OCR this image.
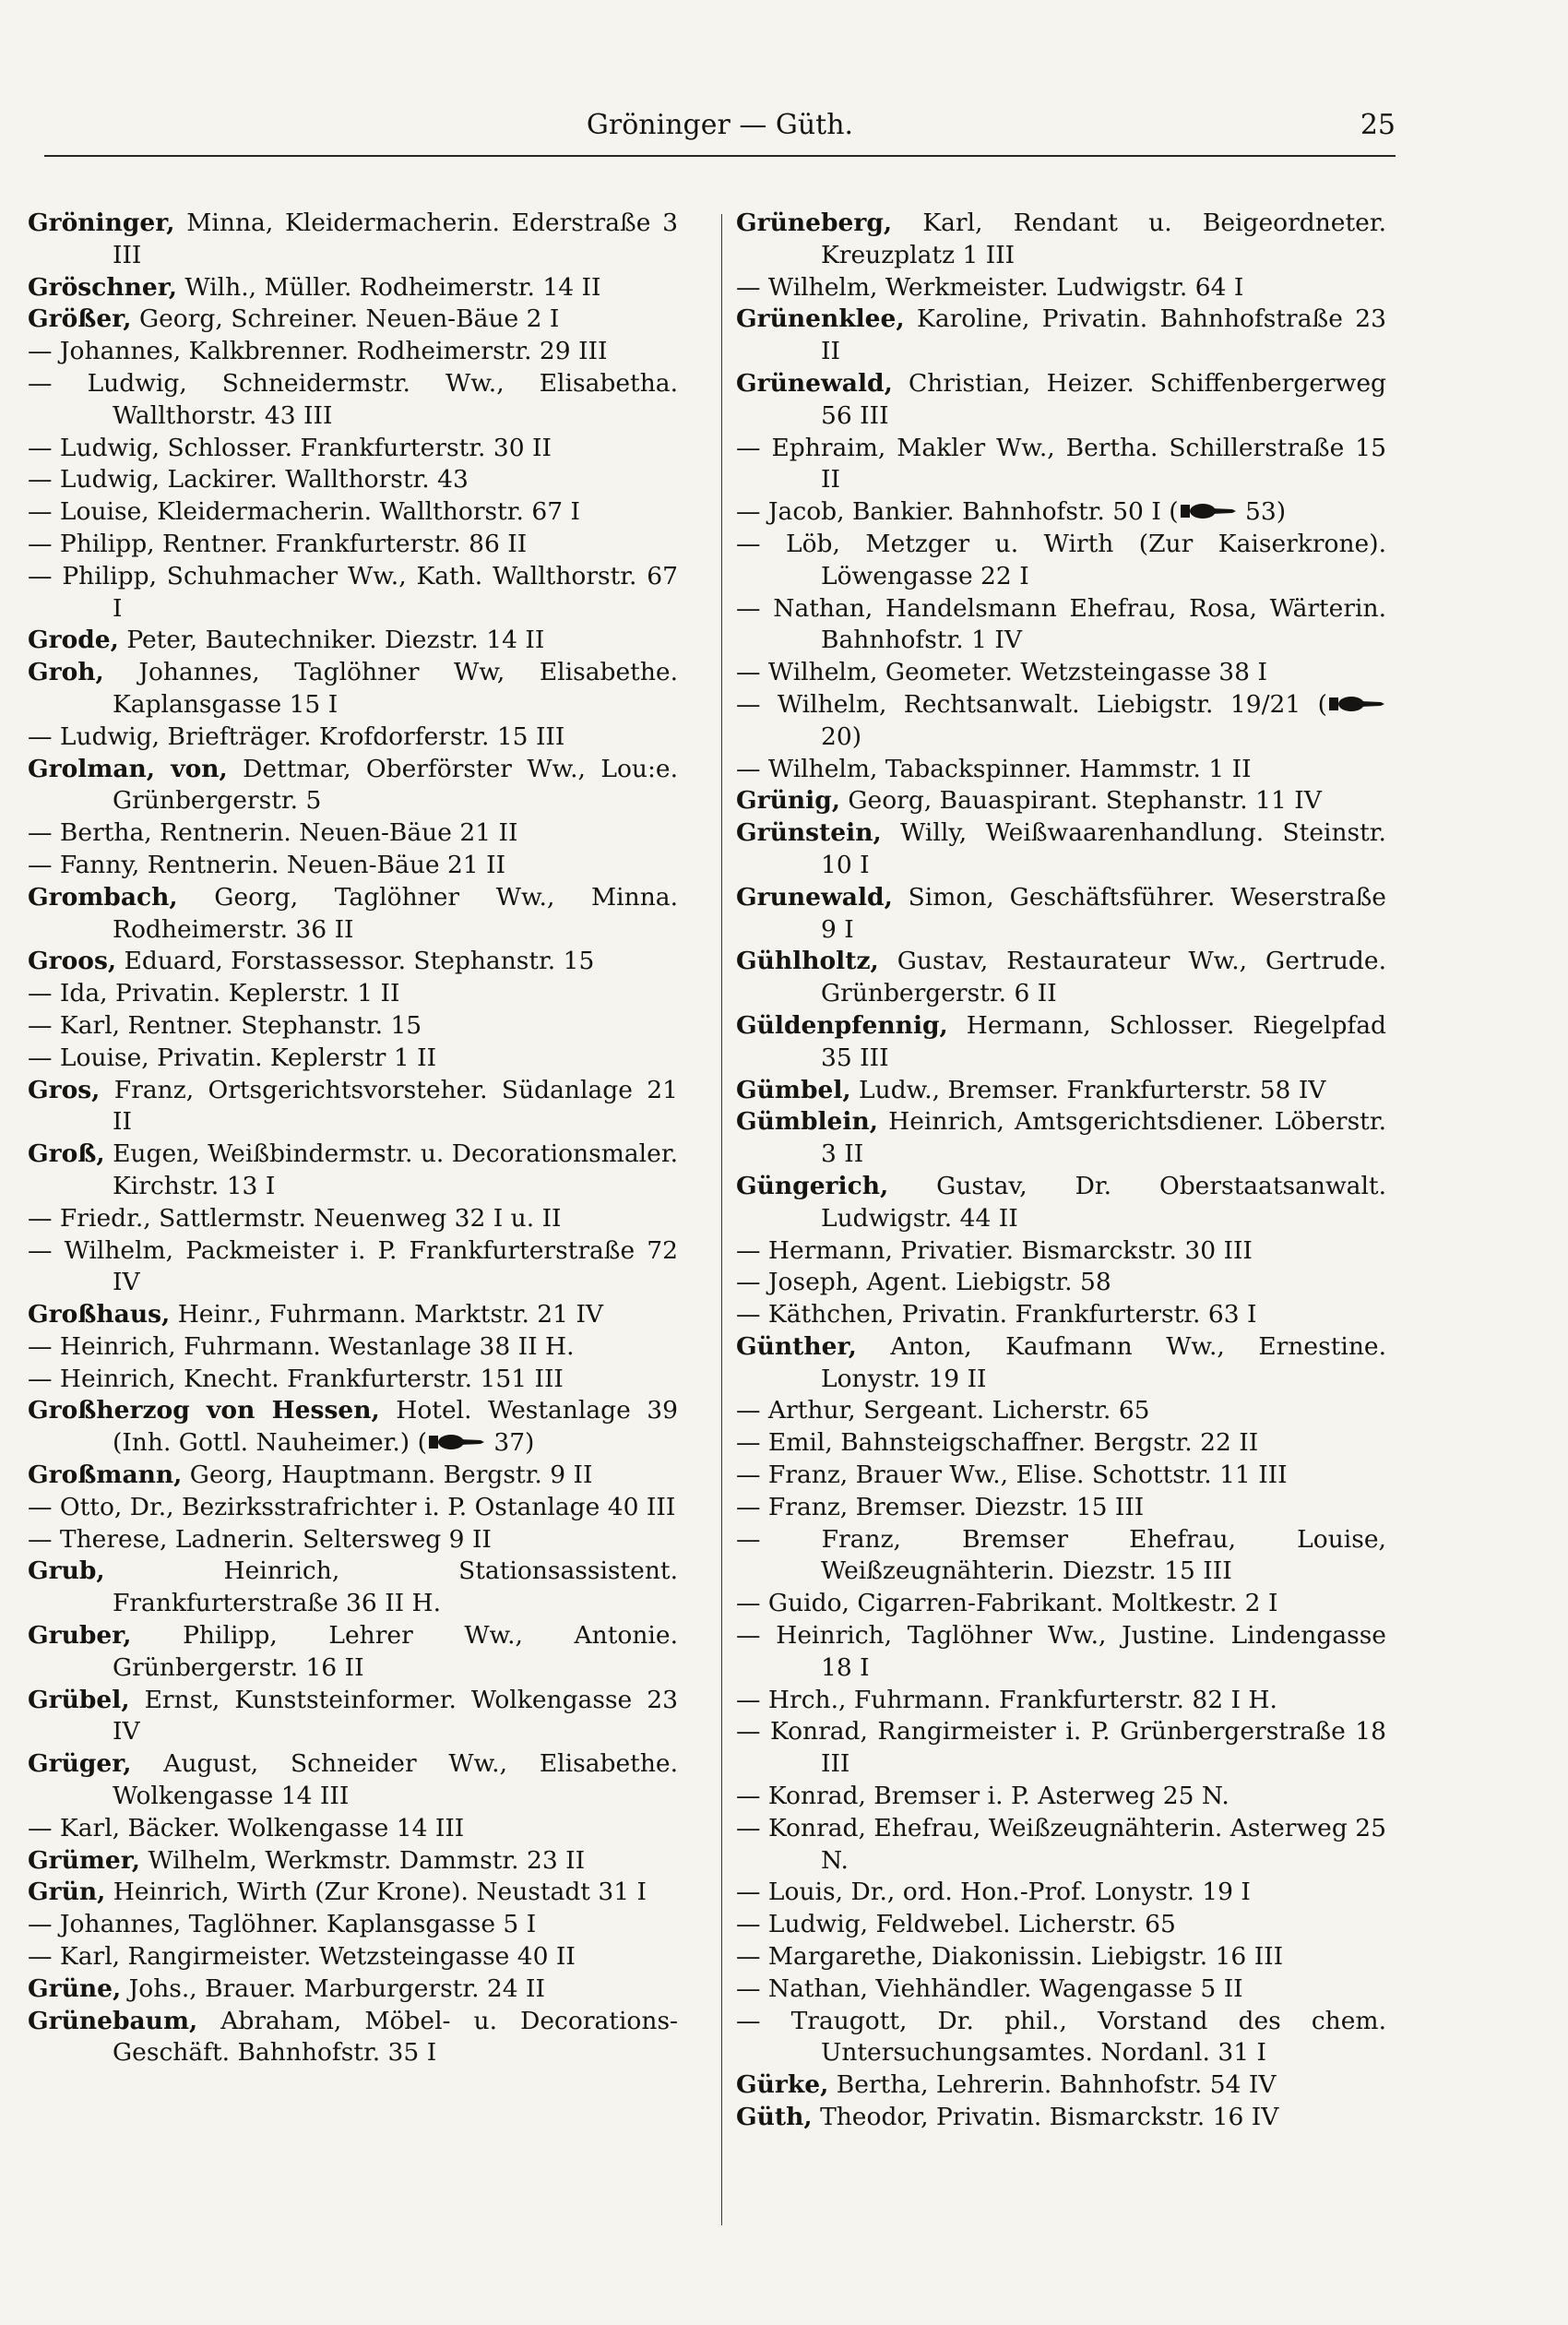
Gröninger — Güth.	25
Gröninger, Minna, Kleidermacherin. Ederstraße 3 III
Gröschner, Wilh., Müller. Rodheimerstr. 14 II
Größer, Georg, Schreiner. Neuen-Bäue 2 I
— Johannes, Kalkbrenner. Rodheimerstr. 29 III
— Ludwig, Schneidermstr. Ww., Elisabetha. Wallthorstr. 43 III
— Ludwig, Schlosser. Frankfurterstr. 30 II
— Ludwig, Lackirer. Wallthorstr. 43
— Louise, Kleidermacherin. Wallthorstr. 67 I
— Philipp, Rentner. Frankfurterstr. 86 II
— Philipp, Schuhmacher Ww., Kath. Wallthorstr. 67 I
Grode, Peter, Bautechniker. Diezstr. 14 II
Groh, Johannes, Taglöhner Ww, Elisabethe. Kaplansgasse 15 I
— Ludwig, Briefträger. Krofdorferstr. 15 III
Grolman, von, Dettmar, Oberförster Ww., Lou:e. Grünbergerstr. 5
— Bertha, Rentnerin. Neuen-Bäue 21 II
— Fanny, Rentnerin. Neuen-Bäue 21 II
Grombach, Georg, Taglöhner Ww., Minna. Rodheimerstr. 36 II
Groos, Eduard, Forstassessor. Stephanstr. 15
— Ida, Privatin. Keplerstr. 1 II
— Karl, Rentner. Stephanstr. 15
— Louise, Privatin. Keplerstr 1 II
Gros, Franz, Ortsgerichtsvorsteher. Südanlage 21 II
Groß, Eugen, Weißbindermstr. u. Decorationsmaler. Kirchstr. 13 I
— Friedr., Sattlermstr. Neuenweg 32 I u. II
— Wilhelm, Packmeister i. P. Frankfurterstraße 72 IV
Großhaus, Heinr., Fuhrmann. Marktstr. 21 IV
— Heinrich, Fuhrmann. Westanlage 38 II H.
— Heinrich, Knecht. Frankfurterstr. 151 III
Großherzog von Hessen, Hotel. Westanlage 39 (Inh. Gottl. Nauheimer.) ( 37)
Großmann, Georg, Hauptmann. Bergstr. 9 II
— Otto, Dr., Bezirksstrafrichter i. P. Ostanlage 40 III
— Therese, Ladnerin. Seltersweg 9 II
Grub, Heinrich, Stationsassistent. Frankfurterstraße 36 II H.
Gruber, Philipp, Lehrer Ww., Antonie. Grünbergerstr. 16 II
Grübel, Ernst, Kunststeinformer. Wolkengasse 23 IV
Grüger, August, Schneider Ww., Elisabethe. Wolkengasse 14 III
— Karl, Bäcker. Wolkengasse 14 III
Grümer, Wilhelm, Werkmstr. Dammstr. 23 II
Grün, Heinrich, Wirth (Zur Krone). Neustadt 31 I
— Johannes, Taglöhner. Kaplansgasse 5 I
— Karl, Rangirmeister. Wetzsteingasse 40 II
Grüne, Johs., Brauer. Marburgerstr. 24 II
Grünebaum, Abraham, Möbel- u. Decorations-Geschäft. Bahnhofstr. 35 I
Grüneberg, Karl, Rendant u. Beigeordneter. Kreuzplatz 1 III
— Wilhelm, Werkmeister. Ludwigstr. 64 I
Grünenklee, Karoline, Privatin. Bahnhofstraße 23 II
Grünewald, Christian, Heizer. Schiffenbergerweg 56 III
— Ephraim, Makler Ww., Bertha. Schillerstraße 15 II
— Jacob, Bankier. Bahnhofstr. 50 I ( 53)
— Löb, Metzger u. Wirth (Zur Kaiserkrone). Löwengasse 22 I
— Nathan, Handelsmann Ehefrau, Rosa, Wärterin. Bahnhofstr. 1 IV
— Wilhelm, Geometer. Wetzsteingasse 38 I
— Wilhelm, Rechtsanwalt. Liebigstr. 19/21 ( 20)
— Wilhelm, Tabackspinner. Hammstr. 1 II
Grünig, Georg, Bauaspirant. Stephanstr. 11 IV
Grünstein, Willy, Weißwaarenhandlung. Steinstr. 10 I
Grunewald, Simon, Geschäftsführer. Weserstraße 9 I
Gühlholtz, Gustav, Restaurateur Ww., Gertrude. Grünbergerstr. 6 II
Güldenpfennig, Hermann, Schlosser. Riegelpfad 35 III
Gümbel, Ludw., Bremser. Frankfurterstr. 58 IV
Gümblein, Heinrich, Amtsgerichtsdiener. Löberstr. 3 II
Güngerich, Gustav, Dr. Oberstaatsanwalt. Ludwigstr. 44 II
— Hermann, Privatier. Bismarckstr. 30 III
— Joseph, Agent. Liebigstr. 58
— Käthchen, Privatin. Frankfurterstr. 63 I
Günther, Anton, Kaufmann Ww., Ernestine. Lonystr. 19 II
— Arthur, Sergeant. Licherstr. 65
— Emil, Bahnsteigschaffner. Bergstr. 22 II
— Franz, Brauer Ww., Elise. Schottstr. 11 III
— Franz, Bremser. Diezstr. 15 III
— Franz, Bremser Ehefrau, Louise, Weißzeugnähterin. Diezstr. 15 III
— Guido, Cigarren-Fabrikant. Moltkestr. 2 I
— Heinrich, Taglöhner Ww., Justine. Lindengasse 18 I
— Hrch., Fuhrmann. Frankfurterstr. 82 I H.
— Konrad, Rangirmeister i. P. Grünbergerstraße 18 III
— Konrad, Bremser i. P. Asterweg 25 N.
— Konrad, Ehefrau, Weißzeugnähterin. Asterweg 25 N.
— Louis, Dr., ord. Hon.-Prof. Lonystr. 19 I
— Ludwig, Feldwebel. Licherstr. 65
— Margarethe, Diakonissin. Liebigstr. 16 III
— Nathan, Viehhändler. Wagengasse 5 II
— Traugott, Dr. phil., Vorstand des chem. Untersuchungsamtes. Nordanl. 31 I
Gürke, Bertha, Lehrerin. Bahnhofstr. 54 IV
Güth, Theodor, Privatin. Bismarckstr. 16 IV
